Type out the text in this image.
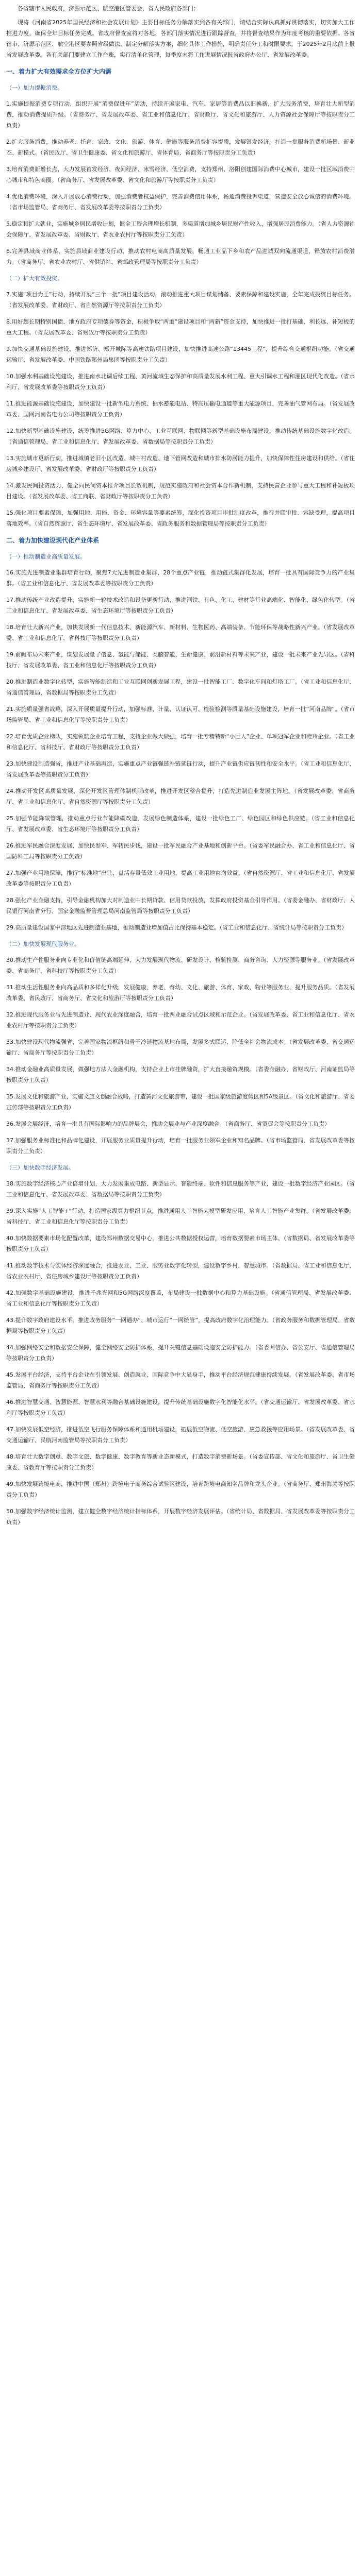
各省辖市人民政府，济源示范区、航空港区管委会，省人民政府各部门：

现将《河南省2025年国民经济和社会发展计划》主要目标任务分解落实到各有关部门，请结合实际认真抓好贯彻落实，切实加大工作推进力度，确保全年目标任务完成。省政府督查室将对各地、各部门落实情况进行跟踪督查，并将督查结果作为年度考核的重要依据。各省辖市、济源示范区、航空港区要参照省级做法，制定分解落实方案，细化具体工作措施，明确责任分工和时限要求，于2025年2月底前上报省发展改革委。各有关部门要建立工作台账，实行清单化管理，每季度末将工作进展情况报省政府办公厅、省发展改革委。

一、着力扩大有效需求全方位扩大内需

（一）加力提振消费。

1.实施提振消费专项行动，组织开展“消费促进年”活动，持续开展家电、汽车、家居等消费品以旧换新，扩大服务消费，培育壮大新型消费，推动消费提质升级。（省商务厅、省发展改革委、省工业和信息化厅、省财政厅、省文化和旅游厅、人力资源社会保障厅等按职责分工负责）

2.扩大服务消费，推动养老、托育、家政、文化、旅游、体育、健康等服务消费扩容提质，发展银发经济，打造一批服务消费新场景、新业态、新模式。（省民政厅、省卫生健康委、省文化和旅游厅、省体育局、省商务厅等按职责分工负责）

3.培育消费新增长点，大力发展首发经济、夜间经济、冰雪经济、低空消费，支持郑州、洛阳创建国际消费中心城市，建设一批区域消费中心城市和特色商圈。（省商务厅、省发展改革委、省文化和旅游厅等按职责分工负责）

4.优化消费环境，深入开展放心消费行动，加强消费者权益保护，完善消费信用体系，畅通消费投诉渠道，营造安全放心诚信的消费环境。（省市场监管局、省商务厅、省发展改革委等按职责分工负责）

5.稳定和扩大就业，实施城乡居民增收计划，健全工资合理增长机制，多渠道增加城乡居民财产性收入，增强居民消费能力。（省人力资源社会保障厅、省发展改革委、省财政厅、省农业农村厅等按职责分工负责）

6.完善县域商业体系，实施县域商业建设行动，推动农村电商高质量发展，畅通工业品下乡和农产品进城双向流通渠道，释放农村消费潜力。（省商务厅、省农业农村厅、省供销社、省邮政管理局等按职责分工负责）

（二）扩大有效投资。

7.实施“项目为王”行动，持续开展“三个一批”项目建设活动，滚动推进重大项目谋划储备、要素保障和建设实施，全年完成投资目标任务。（省发展改革委、省财政厅、省自然资源厅等按职责分工负责）

8.用好超长期特别国债、地方政府专项债券等资金，积极争取“两重”建设项目和“两新”资金支持，加快推进一批打基础、利长远、补短板的重大工程。（省发展改革委、省财政厅等按职责分工负责）

9.加快交通基础设施建设，推进郑济、郑开城际等高速铁路项目建设，加快推进高速公路“13445工程”，提升综合交通枢纽功能。（省交通运输厅、省发展改革委、中国铁路郑州局集团等按职责分工负责）

10.加强水利基础设施建设，推进南水北调后续工程、黄河流域生态保护和高质量发展水利工程、重大引调水工程和灌区现代化改造。（省水利厅、省发展改革委等按职责分工负责）

11.推进能源基础设施建设，加快建设一批新型电力系统、抽水蓄能电站、特高压输电通道等重大能源项目，完善油气管网布局。（省发展改革委、国网河南省电力公司等按职责分工负责）

12.加快新型基础设施建设，统筹推进5G网络、算力中心、工业互联网、物联网等新型基础设施布局建设，推动传统基础设施数字化改造。（省通信管理局、省工业和信息化厅、省发展改革委、省数据局等按职责分工负责）

13.实施城市更新行动，推进城镇老旧小区改造、城中村改造、地下管网改造和城市排水防涝能力提升，加快保障性住房建设和供给。（省住房城乡建设厅、省发展改革委、省财政厅等按职责分工负责）

14.激发民间投资活力，健全向民间资本推介项目长效机制，规范实施政府和社会资本合作新机制，支持民营企业参与重大工程和补短板项目建设。（省发展改革委、省工商联、省财政厅等按职责分工负责）

15.强化项目要素保障，加强用地、用能、资金、环境容量等要素统筹，深化投资项目审批制度改革，推行并联审批、容缺受理，提高项目落地效率。（省自然资源厅、省生态环境厅、省发展改革委、省政务服务和数据管理局等按职责分工负责）

二、着力加快建设现代化产业体系

（一）推动制造业高质量发展。

16.实施先进制造业集群培育行动，聚焦7大先进制造业集群、28个重点产业链，推动链式集群化发展，培育一批具有国际竞争力的产业集群。（省工业和信息化厅、省发展改革委等按职责分工负责）

17.推动传统产业改造提升，实施新一轮技术改造和设备更新行动，推进钢铁、有色、化工、建材等行业高端化、智能化、绿色化转型。（省工业和信息化厅、省发展改革委、省生态环境厅等按职责分工负责）

18.培育壮大新兴产业，加快发展新一代信息技术、新能源汽车、新材料、生物医药、高端装备、节能环保等战略性新兴产业。（省发展改革委、省工业和信息化厅、省科技厅等按职责分工负责）

19.前瞻布局未来产业，谋划发展量子信息、氢能与储能、类脑智能、生命健康、前沿新材料等未来产业，建设一批未来产业先导区。（省科技厅、省发展改革委、省工业和信息化厅等按职责分工负责）

20.推进制造业数字化转型，实施智能制造和工业互联网创新发展工程，建设一批智能工厂、数字化车间和灯塔工厂。（省工业和信息化厅、省通信管理局、省数据局等按职责分工负责）

21.实施质量强省战略，深入开展质量提升行动，加强标准、计量、认证认可、检验检测等质量基础设施建设，培育一批“河南品牌”。（省市场监管局、省工业和信息化厅等按职责分工负责）

22.培育优质企业梯队，实施领航企业培育工程，支持企业做大做强，培育一批专精特新“小巨人”企业、单项冠军企业和瞪羚企业。（省工业和信息化厅、省科技厅、省财政厅等按职责分工负责）

23.加快建设制造强省，推进产业基础再造，实施重点产业链强链补链延链行动，提升产业链供应链韧性和安全水平。（省工业和信息化厅、省发展改革委等按职责分工负责）

24.推动开发区高质量发展，深化开发区管理体制机制改革，推进开发区整合提升，打造先进制造业发展主阵地。（省发展改革委、省商务厅、省工业和信息化厅、省自然资源厅等按职责分工负责）

25.加强节能降碳管理，推动重点行业节能降碳改造，发展绿色制造体系，建设一批绿色工厂、绿色园区和绿色供应链。（省工业和信息化厅、省发展改革委、省生态环境厅等按职责分工负责）

26.推进军民融合深度发展，加快民参军、军转民步伐，建设一批军民融合产业基地和创新平台。（省委军民融合办、省工业和信息化厅、省国防科工局等按职责分工负责）

27.加强产业用地保障，推行“标准地”出让，盘活存量低效工业用地，提高工业用地亩均效益。（省自然资源厅、省工业和信息化厅、省发展改革委等按职责分工负责）

28.强化产业金融支持，引导金融机构加大对制造业中长期贷款、信用贷款投放，发挥政府投资基金引导作用。（省委金融办、省财政厅、人民银行河南省分行、国家金融监督管理总局河南监管局等按职责分工负责）

29.高质量建设国家中部地区先进制造业基地，推动制造业增加值占比保持基本稳定。（省工业和信息化厅、省统计局等按职责分工负责）

（二）加快发展现代服务业。

30.推动生产性服务业向专业化和价值链高端延伸，大力发展现代物流、研发设计、检验检测、商务咨询、人力资源等服务业。（省发展改革委、省商务厅、省科技厅等按职责分工负责）

31.推动生活性服务业向高品质和多样化升级，发展健康、养老、育幼、文化、旅游、体育、家政、物业等服务业，提升服务品质。（省发展改革委、省民政厅、省商务厅、省文化和旅游厅等按职责分工负责）

32.推进现代服务业与先进制造业、现代农业深度融合，培育一批两业融合试点区域和示范企业。（省发展改革委、省工业和信息化厅、省农业农村厅等按职责分工负责）

33.加快建设现代物流强省，完善国家物流枢纽和骨干冷链物流基地布局，发展多式联运，降低全社会物流成本。（省发展改革委、省交通运输厅、省商务厅等按职责分工负责）

34.推动金融业高质量发展，做强地方法人金融机构，支持企业上市挂牌融资，扩大直接融资规模。（省委金融办、省财政厅、河南证监局等按职责分工负责）

35.发展文化和旅游产业，实施文旅文创融合战略，打造黄河文化旅游带，建设一批国家级旅游度假区和5A级景区。（省文化和旅游厅、省委宣传部等按职责分工负责）

36.发展会展经济，培育一批具有国际影响力的品牌展会，推动会展业与产业深度融合。（省商务厅、省贸促会等按职责分工负责）

37.加强服务业标准化和品牌化建设，开展服务业质量提升行动，培育一批服务业领军企业和知名品牌。（省市场监管局、省发展改革委等按职责分工负责）

（三）加快数字经济发展。

38.实施数字经济核心产业倍增计划，大力发展集成电路、新型显示、智能终端、软件和信息服务等产业，建设一批数字经济产业园区。（省工业和信息化厅、省发展改革委、省数据局等按职责分工负责）

39.深入实施“人工智能+”行动，打造国家级算力枢纽节点，推进通用人工智能大模型研发应用，培育人工智能产业集群。（省发展改革委、省科技厅、省工业和信息化厅等按职责分工负责）

40.加快数据要素市场化配置改革，建设郑州数据交易中心，推进公共数据授权运营，培育数据要素市场主体。（省数据局、省发展改革委等按职责分工负责）

41.推动数字技术与实体经济深度融合，推进农业、工业、服务业数字化转型，建设数字乡村、智慧城市。（省数据局、省工业和信息化厅、省农业农村厅、省住房城乡建设厅等按职责分工负责）

42.加强数字基础设施建设，推进千兆光网和5G网络深度覆盖，布局建设一批数据中心和算力基础设施。（省通信管理局、省发展改革委、省工业和信息化厅等按职责分工负责）

43.提升数字政府建设水平，推进政务服务“一网通办”、城市运行“一网统管”，提高政府数字化治理能力。（省政务服务和数据管理局、省数据局等按职责分工负责）

44.加强网络安全和数据安全保障，健全网络安全防护体系，提升关键信息基础设施安全防护能力。（省委网信办、省公安厅、省通信管理局等按职责分工负责）

45.发展平台经济，支持平台企业在引领发展、创造就业、国际竞争中大显身手，推动平台经济规范健康持续发展。（省发展改革委、省市场监管局、省商务厅等按职责分工负责）

46.推进智慧交通、智慧能源、智慧水利等融合基础设施建设，提升传统基础设施数字化智能化水平。（省交通运输厅、省发展改革委、省水利厅等按职责分工负责）

47.加快发展低空经济，推进低空飞行服务保障体系和通用机场建设，拓展低空物流、低空旅游、应急救援等应用场景。（省发展改革委、省交通运输厅、民航河南监管局等按职责分工负责）

48.培育壮大数字创意、数字文旅、数字健康、数字教育等新业态新模式，打造数字消费新场景。（省委宣传部、省文化和旅游厅、省卫生健康委、省教育厅等按职责分工负责）

49.加快发展跨境电商，推进中国（郑州）跨境电子商务综合试验区建设，培育跨境电商知名品牌和龙头企业。（省商务厅、郑州海关等按职责分工负责）

50.加强数字经济统计监测，建立健全数字经济统计指标体系，开展数字经济发展评估。（省统计局、省数据局、省发展改革委等按职责分工负责）
